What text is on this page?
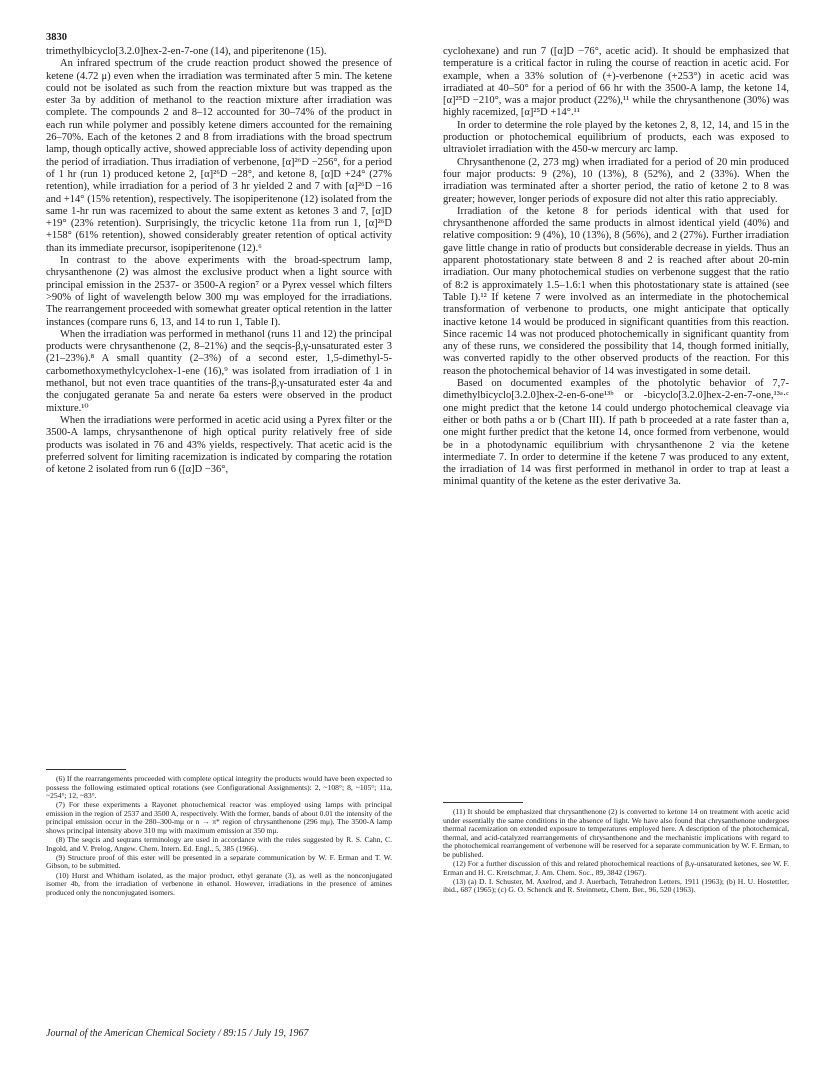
3830

trimethylbicyclo[3.2.0]hex-2-en-7-one (14), and piperitenone (15).

An infrared spectrum of the crude reaction product showed the presence of ketene (4.72 μ) even when the irradiation was terminated after 5 min. The ketene could not be isolated as such from the reaction mixture but was trapped as the ester 3a by addition of methanol to the reaction mixture after irradiation was complete. The compounds 2 and 8–12 accounted for 30–74% of the product in each run while polymer and possibly ketene dimers accounted for the remaining 26–70%. Each of the ketones 2 and 8 from irradiations with the broad spectrum lamp, though optically active, showed appreciable loss of activity depending upon the period of irradiation. Thus irradiation of verbenone, [α]²⁶D −256°, for a period of 1 hr (run 1) produced ketone 2, [α]²⁶D −28°, and ketone 8, [α]D +24° (27% retention), while irradiation for a period of 3 hr yielded 2 and 7 with [α]²⁶D −16 and +14° (15% retention), respectively. The isopiperitenone (12) isolated from the same 1-hr run was racemized to about the same extent as ketones 3 and 7, [α]D +19° (23% retention). Surprisingly, the tricyclic ketone 11a from run 1, [α]²⁶D +158° (61% retention), showed considerably greater retention of optical activity than its immediate precursor, isopiperitenone (12).⁶

In contrast to the above experiments with the broad-spectrum lamp, chrysanthenone (2) was almost the exclusive product when a light source with principal emission in the 2537- or 3500-A region⁷ or a Pyrex vessel which filters >90% of light of wavelength below 300 mμ was employed for the irradiations. The rearrangement proceeded with somewhat greater optical retention in the latter instances (compare runs 6, 13, and 14 to run 1, Table I).

When the irradiation was performed in methanol (runs 11 and 12) the principal products were chrysanthenone (2, 8–21%) and the seqcis-β,γ-unsaturated ester 3 (21–23%).⁸ A small quantity (2–3%) of a second ester, 1,5-dimethyl-5-carbomethoxymethylcyclohex-1-ene (16),⁹ was isolated from irradiation of 1 in methanol, but not even trace quantities of the trans-β,γ-unsaturated ester 4a and the conjugated geranate 5a and nerate 6a esters were observed in the product mixture.¹⁰

When the irradiations were performed in acetic acid using a Pyrex filter or the 3500-A lamps, chrysanthenone of high optical purity relatively free of side products was isolated in 76 and 43% yields, respectively. That acetic acid is the preferred solvent for limiting racemization is indicated by comparing the rotation of ketone 2 isolated from run 6 ([α]D −36°,

cyclohexane) and run 7 ([α]D −76°, acetic acid). It should be emphasized that temperature is a critical factor in ruling the course of reaction in acetic acid. For example, when a 33% solution of (+)-verbenone (+253°) in acetic acid was irradiated at 40–50° for a period of 66 hr with the 3500-A lamp, the ketone 14, [α]²⁵D −210°, was a major product (22%),¹¹ while the chrysanthenone (30%) was highly racemized, [α]²⁵D +14°.¹¹

In order to determine the role played by the ketones 2, 8, 12, 14, and 15 in the production or photochemical equilibrium of products, each was exposed to ultraviolet irradiation with the 450-w mercury arc lamp.

Chrysanthenone (2, 273 mg) when irradiated for a period of 20 min produced four major products: 9 (2%), 10 (13%), 8 (52%), and 2 (33%). When the irradiation was terminated after a shorter period, the ratio of ketone 2 to 8 was greater; however, longer periods of exposure did not alter this ratio appreciably.

Irradiation of the ketone 8 for periods identical with that used for chrysanthenone afforded the same products in almost identical yield (40%) and relative composition: 9 (4%), 10 (13%), 8 (56%), and 2 (27%). Further irradiation gave little change in ratio of products but considerable decrease in yields. Thus an apparent photostationary state between 8 and 2 is reached after about 20-min irradiation. Our many photochemical studies on verbenone suggest that the ratio of 8:2 is approximately 1.5–1.6:1 when this photostationary state is attained (see Table I).¹² If ketene 7 were involved as an intermediate in the photochemical transformation of verbenone to products, one might anticipate that optically inactive ketone 14 would be produced in significant quantities from this reaction. Since racemic 14 was not produced photochemically in significant quantity from any of these runs, we considered the possibility that 14, though formed initially, was converted rapidly to the other observed products of the reaction. For this reason the photochemical behavior of 14 was investigated in some detail.

Based on documented examples of the photolytic behavior of 7,7-dimethylbicyclo[3.2.0]hex-2-en-6-one¹³ᵇ or -bicyclo[3.2.0]hex-2-en-7-one,¹³ᵃ·ᶜ one might predict that the ketone 14 could undergo photochemical cleavage via either or both paths a or b (Chart III). If path b proceeded at a rate faster than a, one might further predict that the ketone 14, once formed from verbenone, would be in a photodynamic equilibrium with chrysanthenone 2 via the ketene intermediate 7. In order to determine if the ketene 7 was produced to any extent, the irradiation of 14 was first performed in methanol in order to trap at least a minimal quantity of the ketene as the ester derivative 3a.

(6) If the rearrangements proceeded with complete optical integrity the products would have been expected to possess the following estimated optical rotations (see Configurational Assignments): 2, ~108°; 8, ~105°; 11a, ~254°; 12, ~83°.
(7) For these experiments a Rayonet photochemical reactor was employed using lamps with principal emission in the region of 2537 and 3500 A, respectively. With the former, bands of about 0.01 the intensity of the principal emission occur in the 280–300-mμ or n → π* region of chrysanthenone (296 mμ). The 3500-A lamp shows principal intensity above 310 mμ with maximum emission at 350 mμ.
(8) The seqcis and seqtrans terminology are used in accordance with the rules suggested by R. S. Cahn, C. Ingold, and V. Prelog, Angew. Chem. Intern. Ed. Engl., 5, 385 (1966).
(9) Structure proof of this ester will be presented in a separate communication by W. F. Erman and T. W. Gibson, to be submitted.
(10) Hurst and Whitham isolated, as the major product, ethyl geranate (3), as well as the nonconjugated isomer 4b, from the irradiation of verbenone in ethanol. However, irradiations in the presence of amines produced only the nonconjugated isomers.
(11) It should be emphasized that chrysanthenone (2) is converted to ketone 14 on treatment with acetic acid under essentially the same conditions in the absence of light. We have also found that chrysanthenone undergoes thermal racemization on extended exposure to temperatures employed here. A description of the photochemical, thermal, and acid-catalyzed rearrangements of chrysanthenone and the mechanistic implications with regard to the photochemical rearrangement of verbenone will be reserved for a separate communication by W. F. Erman, to be published.
(12) For a further discussion of this and related photochemical reactions of β,γ-unsaturated ketones, see W. F. Erman and H. C. Kretschmar, J. Am. Chem. Soc., 89, 3842 (1967).
(13) (a) D. I. Schuster, M. Axelrod, and J. Auerbach, Tetrahedron Letters, 1911 (1963); (b) H. U. Hostettler, ibid., 687 (1965); (c) G. O. Schenck and R. Steinmetz, Chem. Ber., 96, 520 (1963).
Journal of the American Chemical Society / 89:15 / July 19, 1967
